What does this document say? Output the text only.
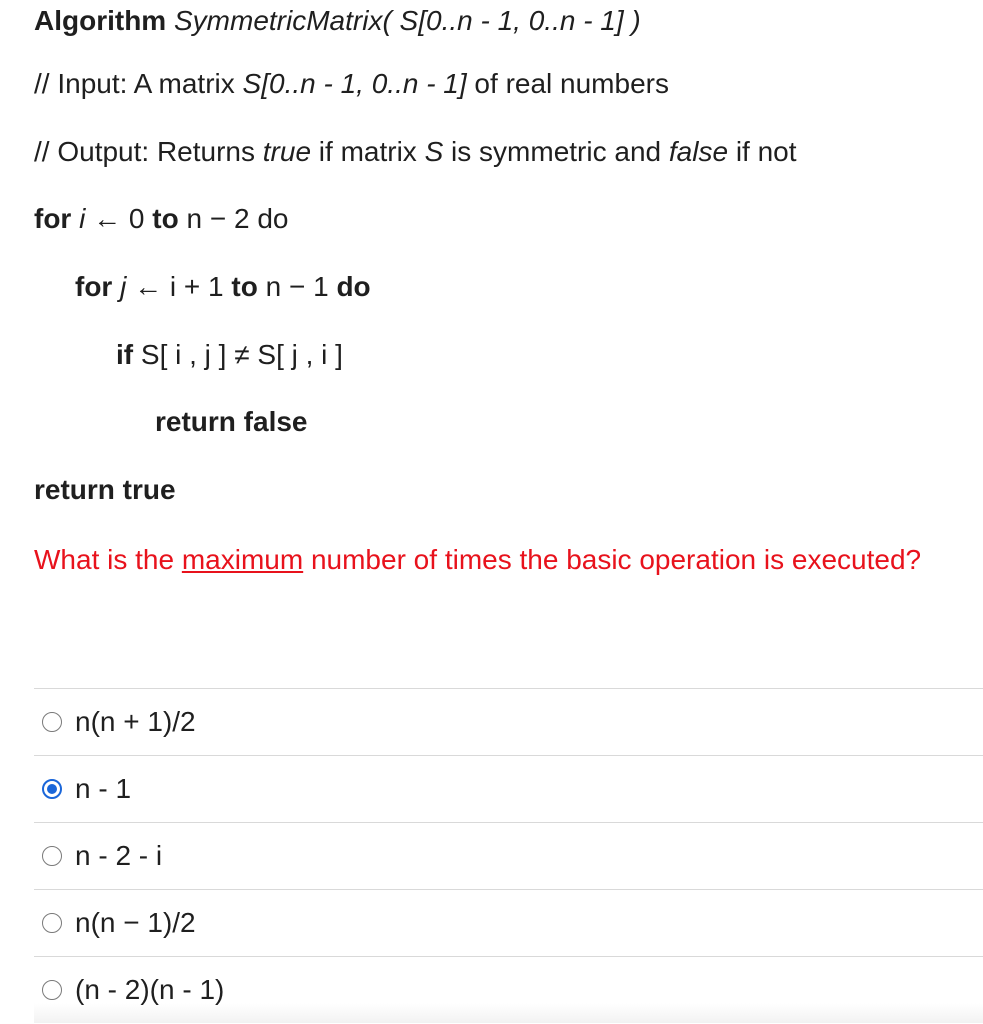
Algorithm SymmetricMatrix( S[0..n - 1, 0..n - 1] )
// Input: A matrix S[0..n - 1, 0..n - 1] of real numbers
// Output: Returns true if matrix S is symmetric and false if not
for i ← 0 to n − 2 do
for j ← i + 1 to n − 1 do
if S[ i , j ] ≠ S[ j , i ]
return false
return true
What is the maximum number of times the basic operation is executed?
n(n + 1)/2
n - 1
n - 2 - i
n(n − 1)/2
(n - 2)(n - 1)
